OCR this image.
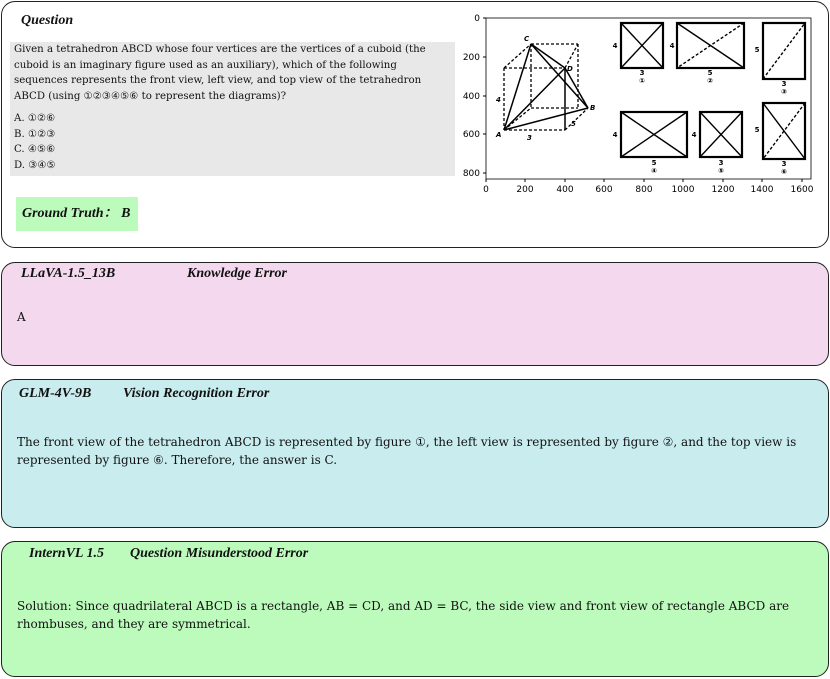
Question

Given a tetrahedron ABCD whose four vertices are the vertices of a cuboid (the cuboid is an imaginary figure used as an auxiliary), which of the following sequences represents the front view, left view, and top view of the tetrahedron ABCD (using ①②③④⑤⑥ to represent the diagrams)?

A. ①②⑥

B. ①②③

C. ④⑤⑥

D. ③④⑤

Ground Truth： B
0
200
400
600
800
0	200	400 600	800 1000 1200 1400 1600
C
D
B
A
4
3
5
4
3
①
4
5
②
5
3
③
4
5
④
4
3
⑤
5
3
⑥
LLaVA-1.5_13B	Knowledge Error
A
GLM-4V-9B Vision Recognition Error
The front view of the tetrahedron ABCD is represented by figure ①, the left view is represented by figure ②, and the top view is represented by figure ⑥. Therefore, the answer is C.
InternVL 1.5 Question Misunderstood Error
Solution: Since quadrilateral ABCD is a rectangle, AB = CD, and AD = BC, the side view and front view of rectangle ABCD are rhombuses, and they are symmetrical.
